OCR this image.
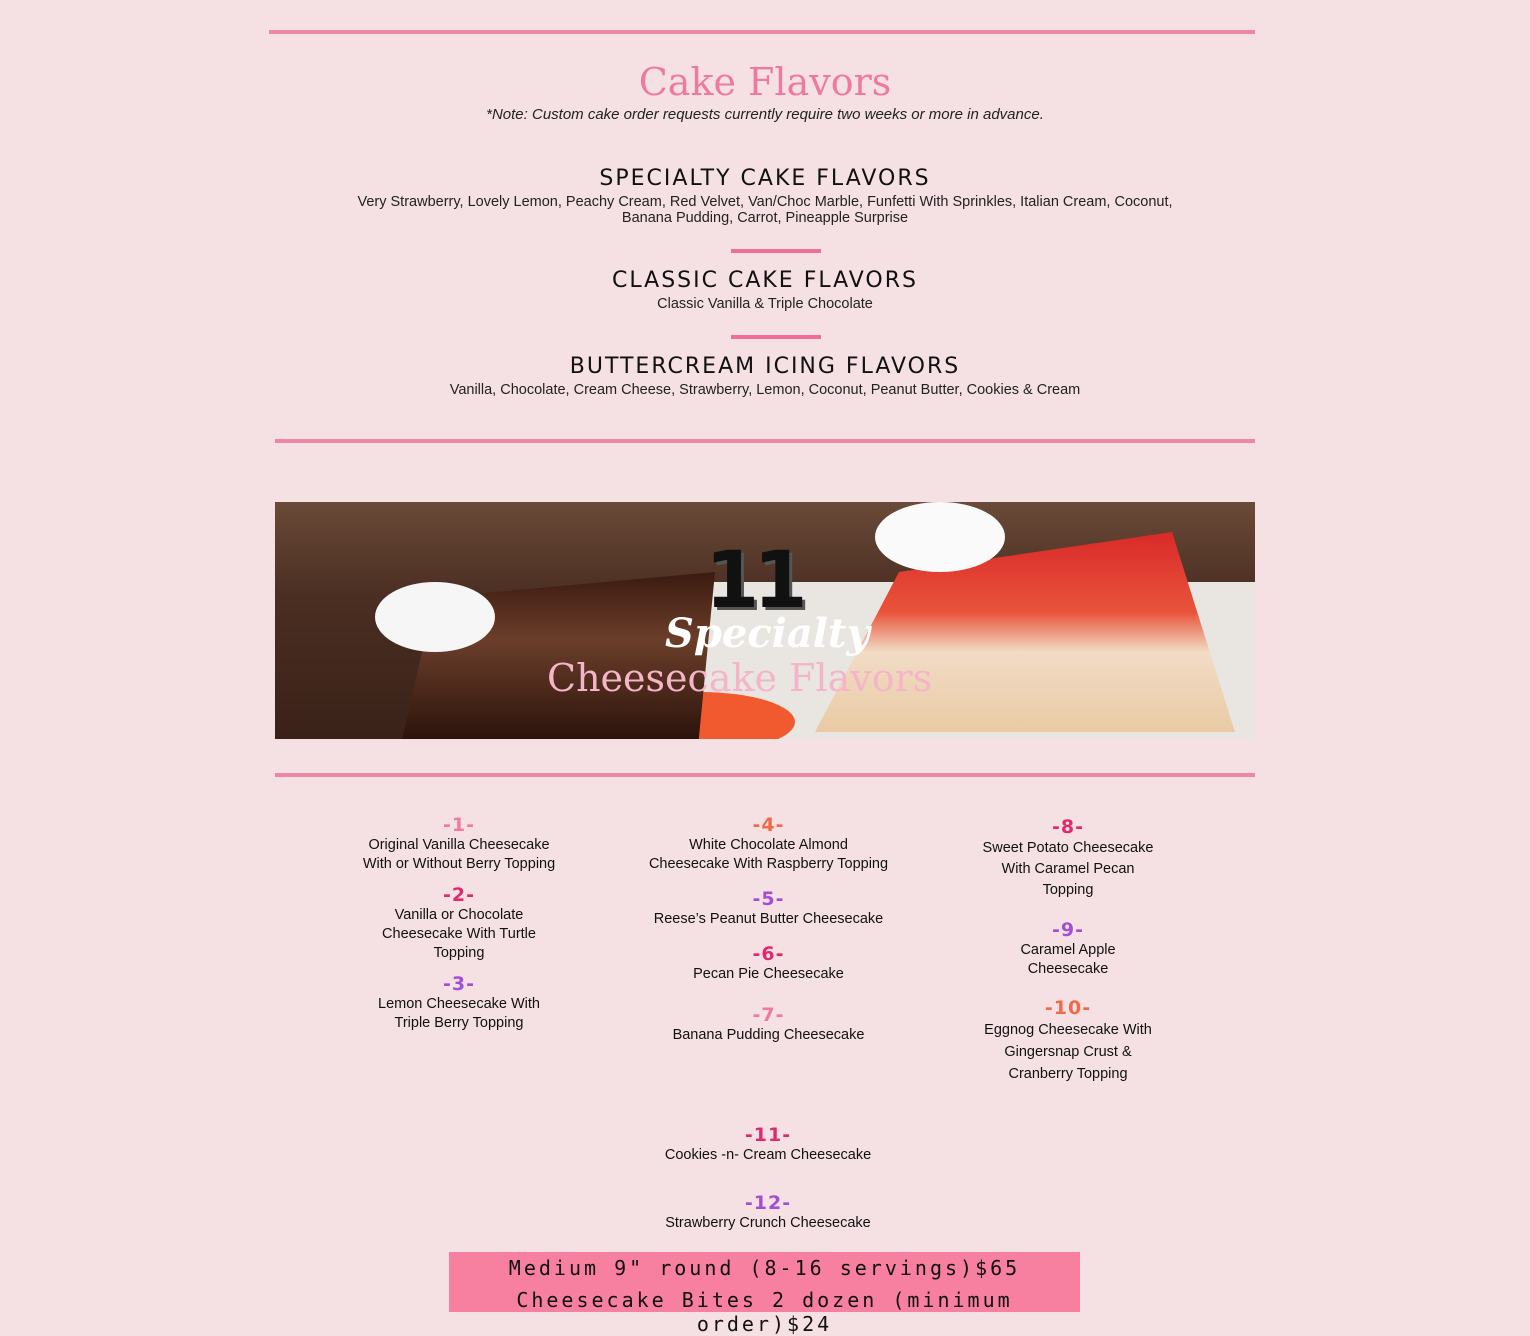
Cake Flavors
*Note: Custom cake order requests currently require two weeks or more in advance.
SPECIALTY CAKE FLAVORS
Very Strawberry, Lovely Lemon, Peachy Cream, Red Velvet, Van/Choc Marble, Funfetti With Sprinkles, Italian Cream, Coconut,
Banana Pudding, Carrot, Pineapple Surprise
CLASSIC CAKE FLAVORS
Classic Vanilla & Triple Chocolate
BUTTERCREAM ICING FLAVORS
Vanilla, Chocolate, Cream Cheese, Strawberry, Lemon, Coconut, Peanut Butter, Cookies & Cream
11
Specialty
Cheesecake Flavors
-1-
Original Vanilla Cheesecake With or Without Berry Topping
-2-
Vanilla or Chocolate Cheesecake With Turtle Topping
-3-
Lemon Cheesecake With Triple Berry Topping
-4-
White Chocolate Almond Cheesecake With Raspberry Topping
-5-
Reese’s Peanut Butter Cheesecake
-6-
Pecan Pie Cheesecake
-7-
Banana Pudding Cheesecake
-8-
Sweet Potato Cheesecake With Caramel Pecan Topping
-9-
Caramel Apple Cheesecake
-10-
Eggnog Cheesecake With Gingersnap Crust & Cranberry Topping
-11-
Cookies -n- Cream Cheesecake
-12-
Strawberry Crunch Cheesecake
Medium 9" round (8-16 servings)$65
Cheesecake Bites 2 dozen (minimum order)$24
